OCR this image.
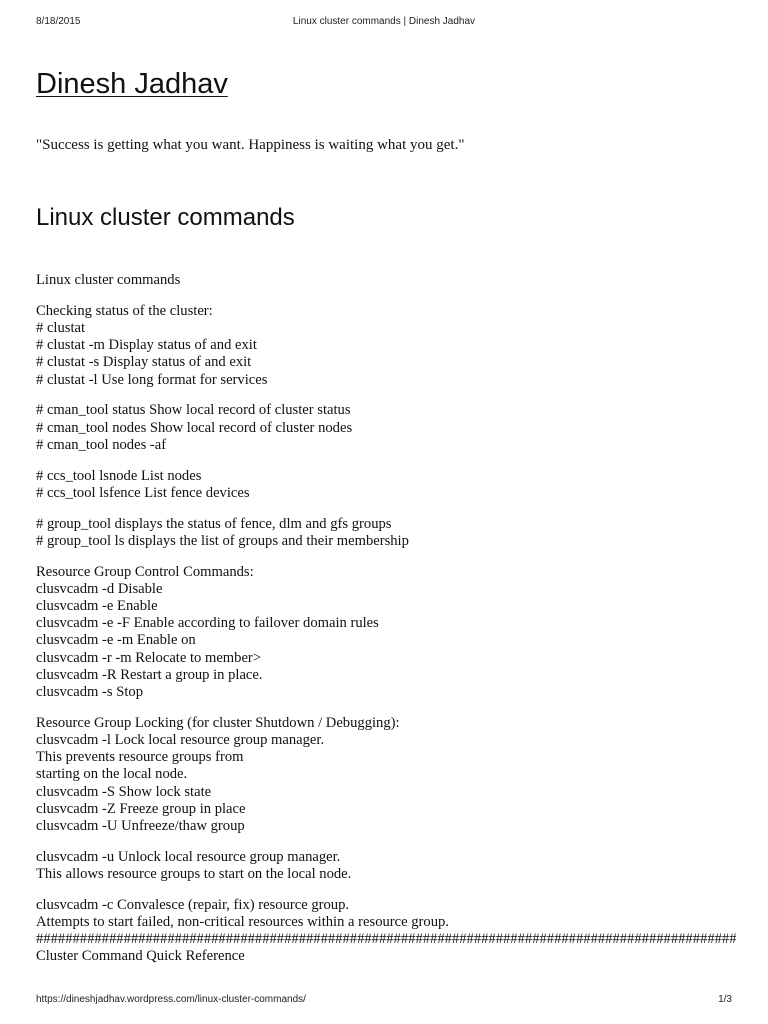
8/18/2015	Linux cluster commands | Dinesh Jadhav
Dinesh Jadhav

"Success is getting what you want. Happiness is waiting what you get."

Linux cluster commands
Linux cluster commands
Checking status of the cluster:
# clustat
# clustat -m Display status of and exit
# clustat -s Display status of and exit
# clustat -l Use long format for services
# cman_tool status Show local record of cluster status
# cman_tool nodes Show local record of cluster nodes
# cman_tool nodes -af
# ccs_tool lsnode List nodes
# ccs_tool lsfence List fence devices
# group_tool displays the status of fence, dlm and gfs groups
# group_tool ls displays the list of groups and their membership
Resource Group Control Commands:
clusvcadm -d Disable
clusvcadm -e Enable
clusvcadm -e -F Enable according to failover domain rules
clusvcadm -e -m Enable on
clusvcadm -r -m Relocate to member>
clusvcadm -R Restart a group in place.
clusvcadm -s Stop
Resource Group Locking (for cluster Shutdown / Debugging):
clusvcadm -l Lock local resource group manager.
This prevents resource groups from
starting on the local node.
clusvcadm -S Show lock state
clusvcadm -Z Freeze group in place
clusvcadm -U Unfreeze/thaw group
clusvcadm -u Unlock local resource group manager.
This allows resource groups to start on the local node.
clusvcadm -c Convalesce (repair, fix) resource group.
Attempts to start failed, non-critical resources within a resource group.
################################################################################################
Cluster Command Quick Reference
https://dineshjadhav.wordpress.com/linux-cluster-commands/	1/3
